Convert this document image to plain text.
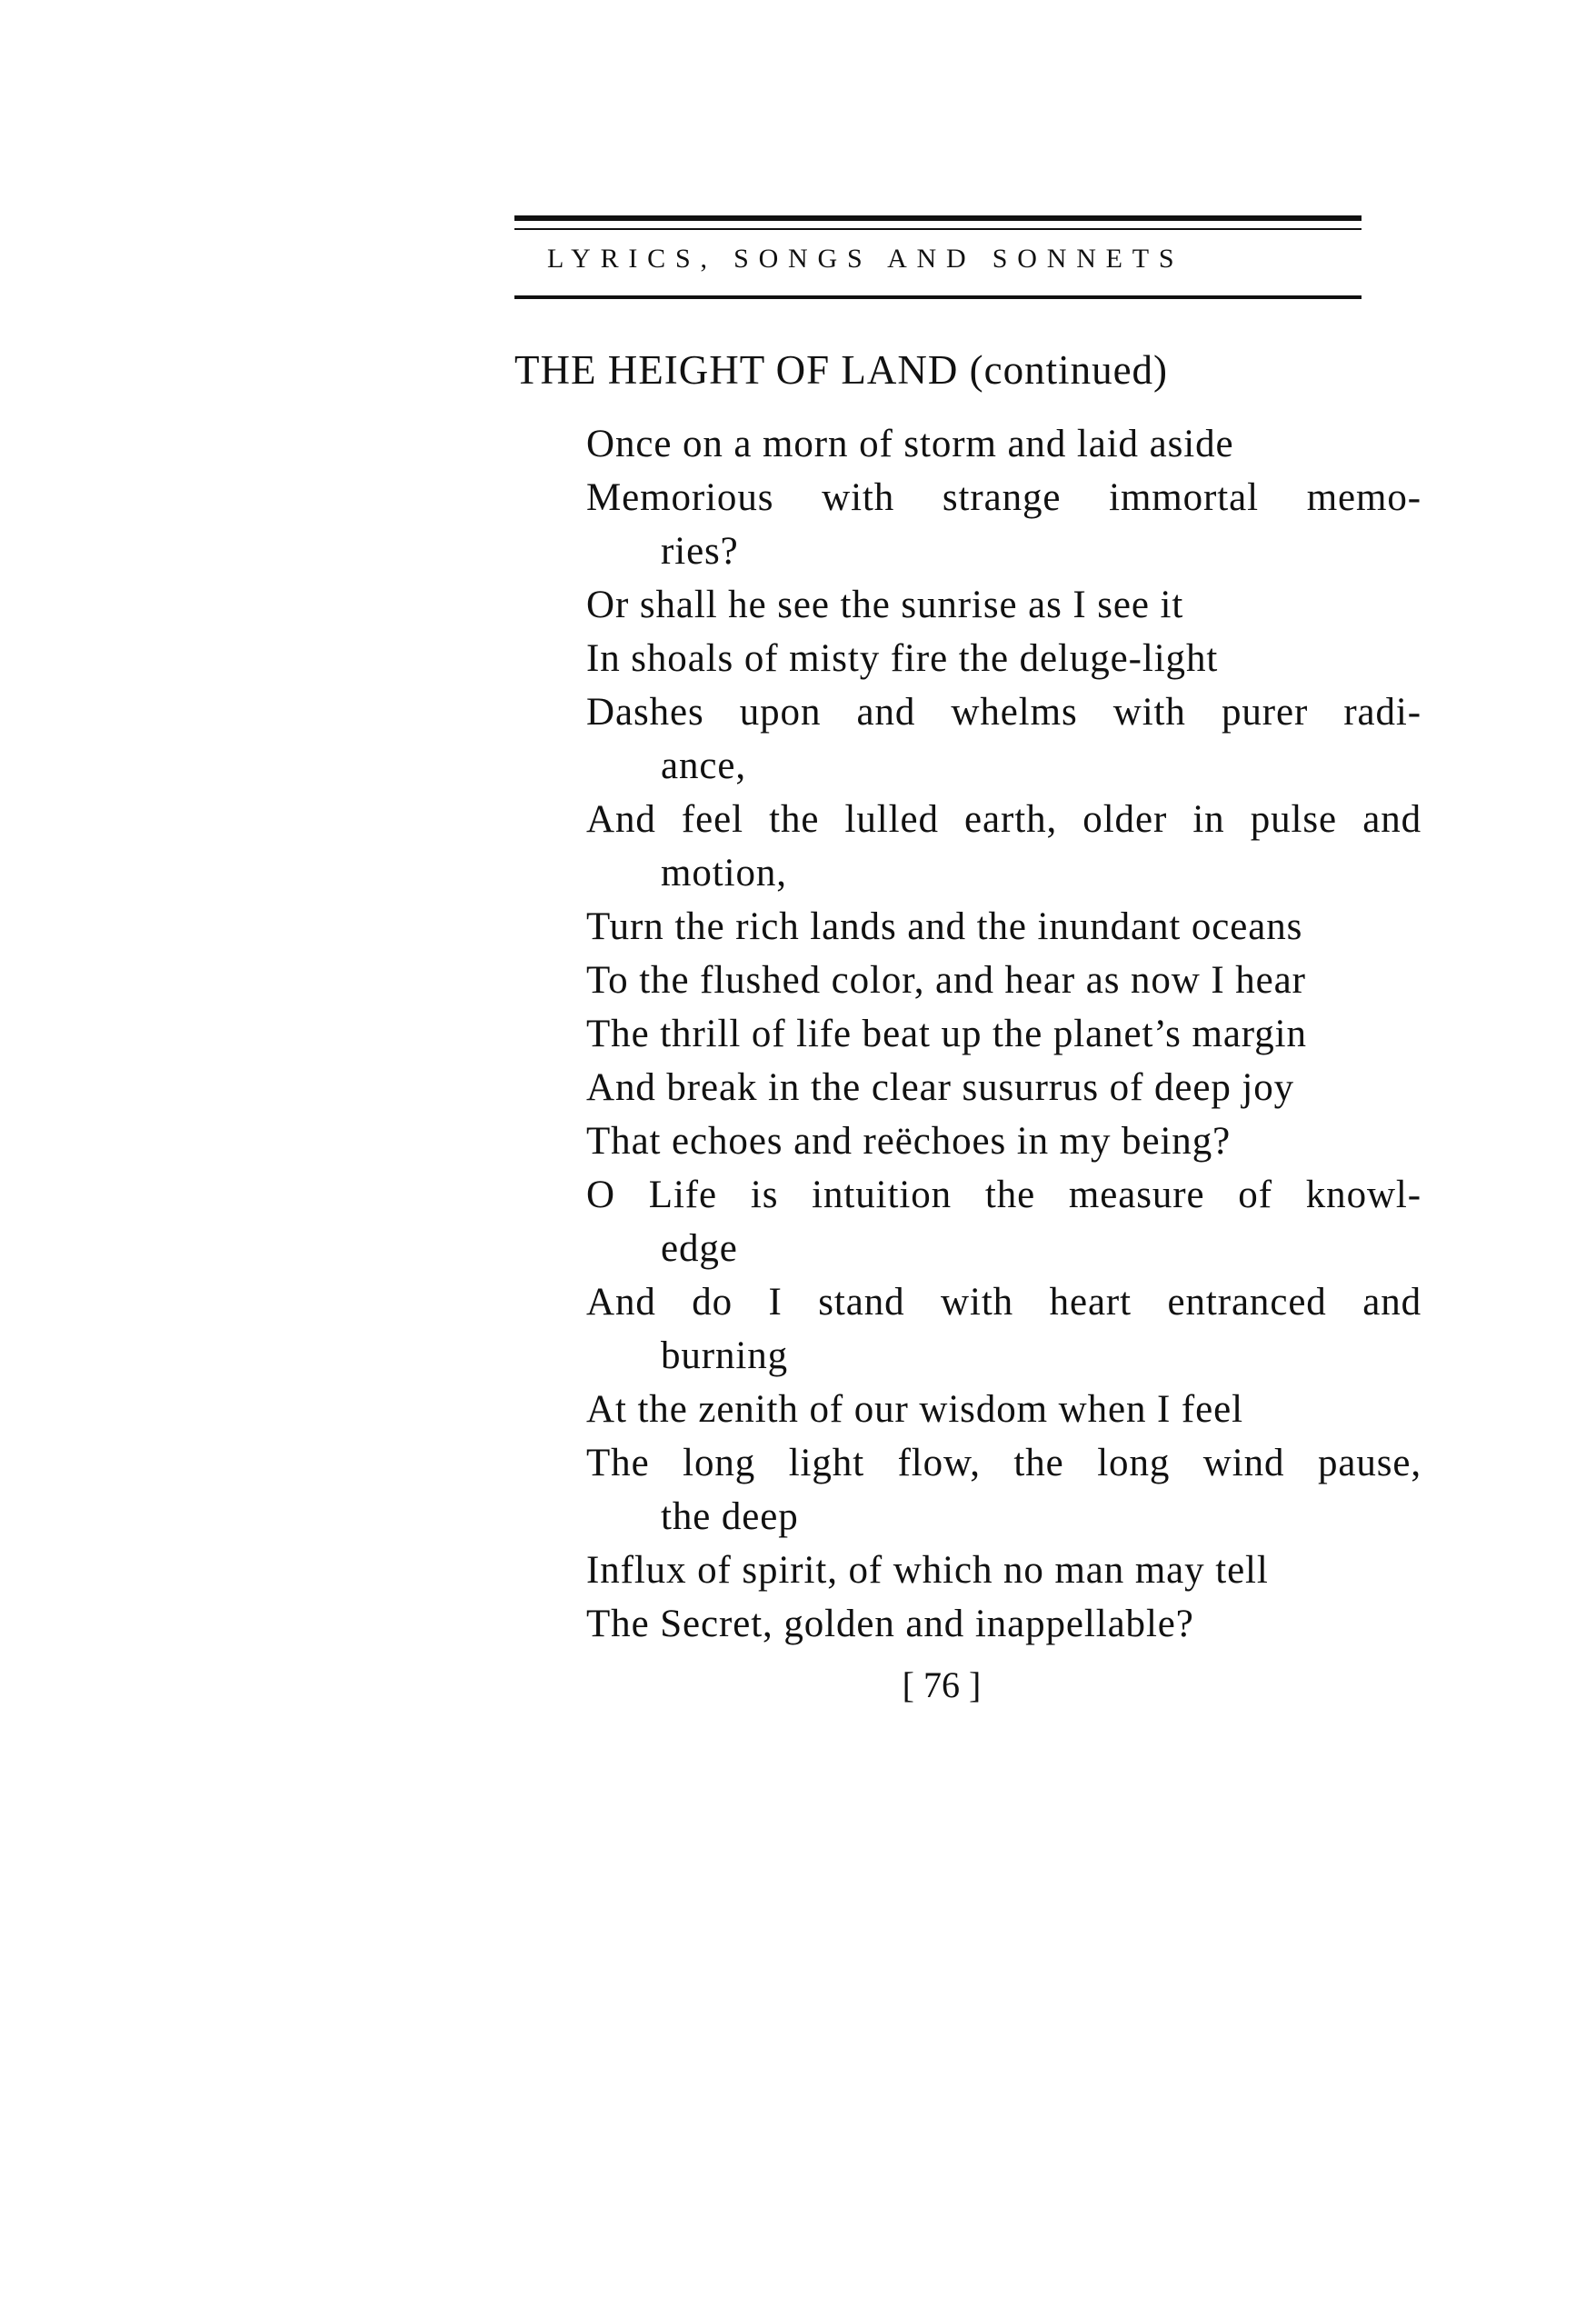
LYRICS, SONGS AND SONNETS
THE HEIGHT OF LAND (continued)
Once on a morn of storm and laid aside
Memorious with strange immortal memo-
ries?
Or shall he see the sunrise as I see it
In shoals of misty fire the deluge-light
Dashes upon and whelms with purer radi-
ance,
And feel the lulled earth, older in pulse and
motion,
Turn the rich lands and the inundant oceans
To the flushed color, and hear as now I hear
The thrill of life beat up the planet’s margin
And break in the clear susurrus of deep joy
That echoes and reëchoes in my being?
O Life is intuition the measure of knowl-
edge
And do I stand with heart entranced and
burning
At the zenith of our wisdom when I feel
The long light flow, the long wind pause,
the deep
Influx of spirit, of which no man may tell
The Secret, golden and inappellable?
[ 76 ]
